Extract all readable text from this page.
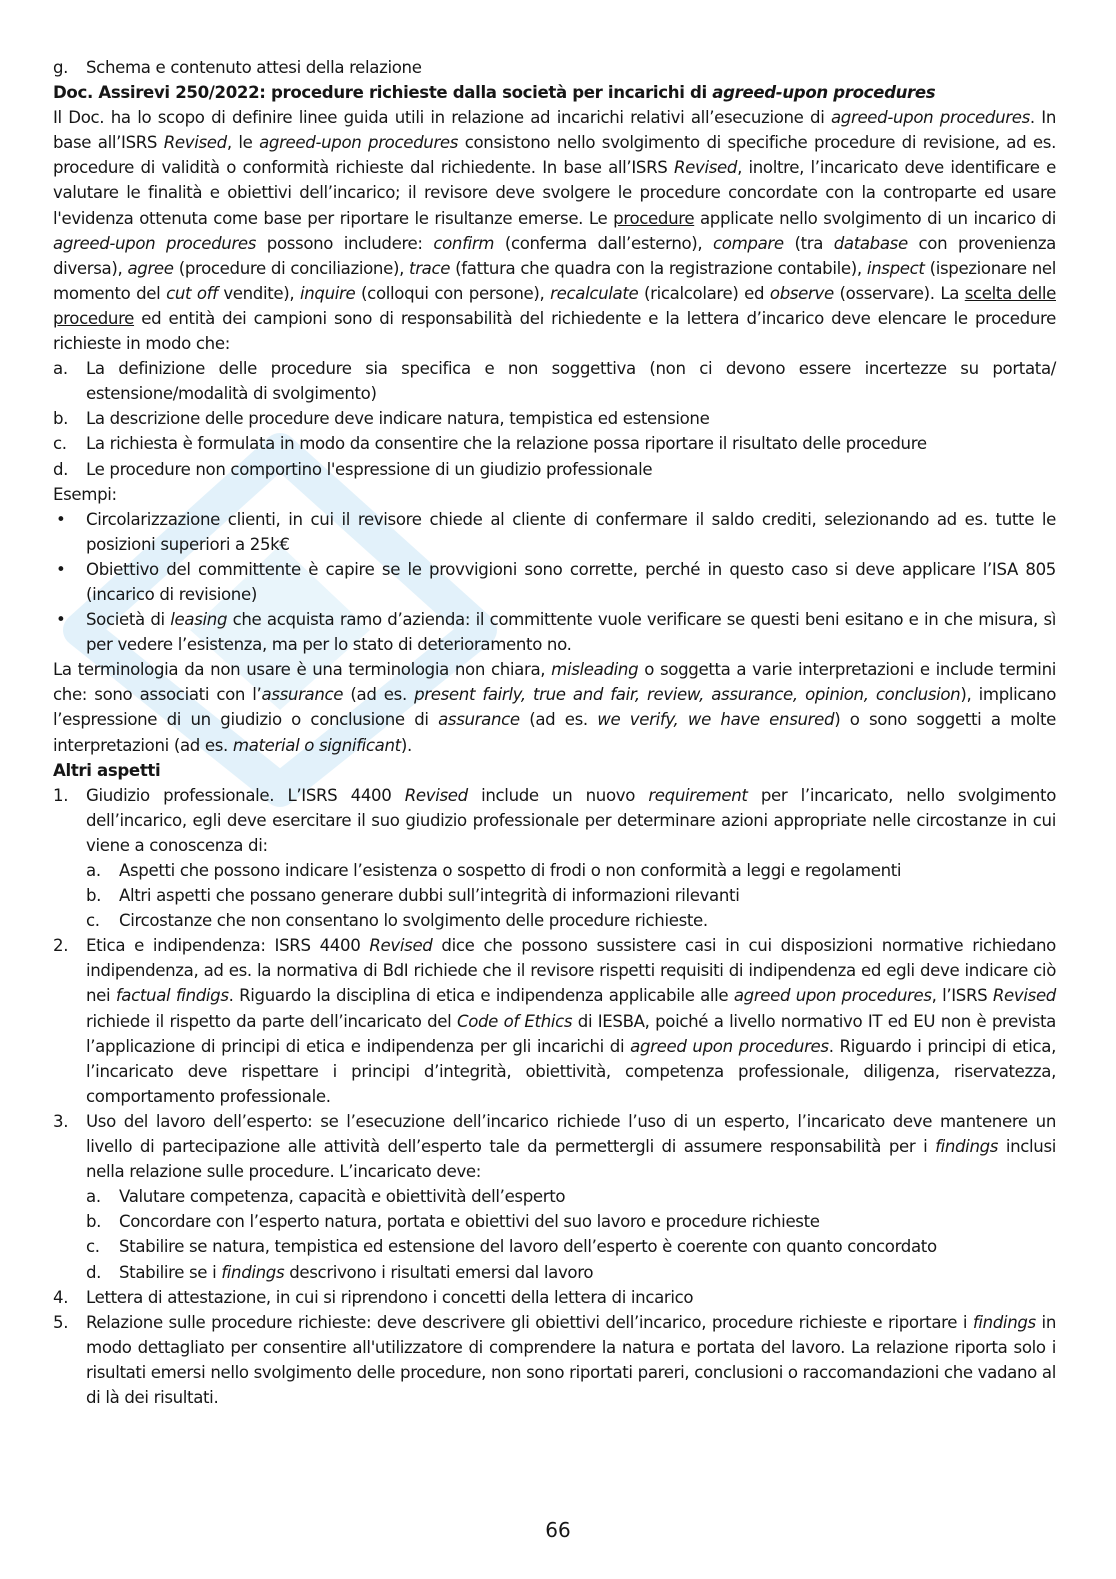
g. Schema e contenuto attesi della relazione
Doc. Assirevi 250/2022: procedure richieste dalla società per incarichi di agreed-upon procedures

Il Doc. ha lo scopo di definire linee guida utili in relazione ad incarichi relativi all’esecuzione di agreed-upon procedures. In base all’ISRS Revised, le agreed-upon procedures consistono nello svolgimento di specifiche procedure di revisione, ad es. procedure di validità o conformità richieste dal richiedente. In base all’ISRS Revised, inoltre, l’incaricato deve identificare e valutare le finalità e obiettivi dell’incarico; il revisore deve svolgere le procedure concordate con la controparte ed usare l'evidenza ottenuta come base per riportare le risultanze emerse. Le procedure applicate nello svolgimento di un incarico di agreed-upon procedures possono includere: confirm (conferma dall’esterno), compare (tra database con provenienza diversa), agree (procedure di conciliazione), trace (fattura che quadra con la registrazione contabile), inspect (ispezionare nel momento del cut off vendite), inquire (colloqui con persone), recalculate (ricalcolare) ed observe (osservare). La scelta delle procedure ed entità dei campioni sono di responsabilità del richiedente e la lettera d’incarico deve elencare le procedure richieste in modo che:

a. La definizione delle procedure sia specifica e non soggettiva (non ci devono essere incertezze su portata/ estensione/modalità di svolgimento)
b. La descrizione delle procedure deve indicare natura, tempistica ed estensione
c. La richiesta è formulata in modo da consentire che la relazione possa riportare il risultato delle procedure
d. Le procedure non comportino l'espressione di un giudizio professionale

Esempi:

• Circolarizzazione clienti, in cui il revisore chiede al cliente di confermare il saldo crediti, selezionando ad es. tutte le posizioni superiori a 25k€
• Obiettivo del committente è capire se le provvigioni sono corrette, perché in questo caso si deve applicare l’ISA 805 (incarico di revisione)
• Società di leasing che acquista ramo d’azienda: il committente vuole verificare se questi beni esitano e in che misura, sì per vedere l’esistenza, ma per lo stato di deterioramento no.

La terminologia da non usare è una terminologia non chiara, misleading o soggetta a varie interpretazioni e include termini che: sono associati con l’assurance (ad es. present fairly, true and fair, review, assurance, opinion, conclusion), implicano l’espressione di un giudizio o conclusione di assurance (ad es. we verify, we have ensured) o sono soggetti a molte interpretazioni (ad es. material o significant).

Altri aspetti
1. Giudizio professionale. L’ISRS 4400 Revised include un nuovo requirement per l’incaricato, nello svolgimento dell’incarico, egli deve esercitare il suo giudizio professionale per determinare azioni appropriate nelle circostanze in cui viene a conoscenza di:
a. Aspetti che possono indicare l’esistenza o sospetto di frodi o non conformità a leggi e regolamenti
b. Altri aspetti che possano generare dubbi sull’integrità di informazioni rilevanti
c. Circostanze che non consentano lo svolgimento delle procedure richieste.
2. Etica e indipendenza: ISRS 4400 Revised dice che possono sussistere casi in cui disposizioni normative richiedano indipendenza, ad es. la normativa di BdI richiede che il revisore rispetti requisiti di indipendenza ed egli deve indicare ciò nei factual findigs. Riguardo la disciplina di etica e indipendenza applicabile alle agreed upon procedures, l’ISRS Revised richiede il rispetto da parte dell’incaricato del Code of Ethics di IESBA, poiché a livello normativo IT ed EU non è prevista l’applicazione di principi di etica e indipendenza per gli incarichi di agreed upon procedures. Riguardo i principi di etica, l’incaricato deve rispettare i principi d’integrità, obiettività, competenza professionale, diligenza, riservatezza, comportamento professionale.
3. Uso del lavoro dell’esperto: se l’esecuzione dell’incarico richiede l’uso di un esperto, l’incaricato deve mantenere un livello di partecipazione alle attività dell’esperto tale da permettergli di assumere responsabilità per i findings inclusi nella relazione sulle procedure. L’incaricato deve:
a. Valutare competenza, capacità e obiettività dell’esperto
b. Concordare con l’esperto natura, portata e obiettivi del suo lavoro e procedure richieste
c. Stabilire se natura, tempistica ed estensione del lavoro dell’esperto è coerente con quanto concordato
d. Stabilire se i findings descrivono i risultati emersi dal lavoro
4. Lettera di attestazione, in cui si riprendono i concetti della lettera di incarico
5. Relazione sulle procedure richieste: deve descrivere gli obiettivi dell’incarico, procedure richieste e riportare i findings in modo dettagliato per consentire all'utilizzatore di comprendere la natura e portata del lavoro. La relazione riporta solo i risultati emersi nello svolgimento delle procedure, non sono riportati pareri, conclusioni o raccomandazioni che vadano al di là dei risultati.
66
